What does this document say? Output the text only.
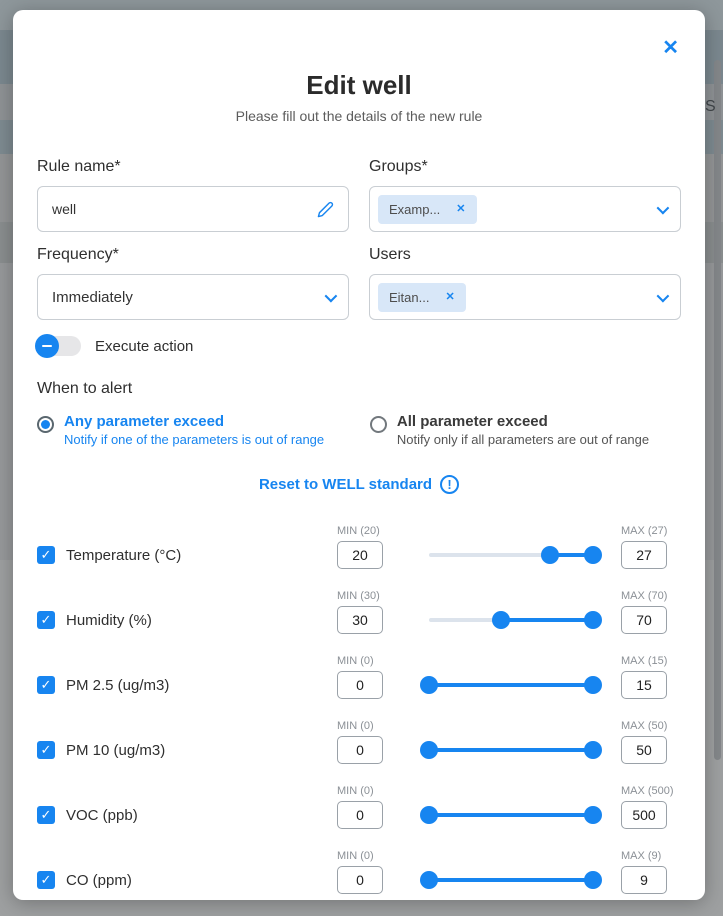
S
✕
Edit well
Please fill out the details of the new rule
Rule name*
well
Groups*
Examp... ✕
Frequency*
Immediately
Users
Eitan... ✕
Execute action
When to alert
Any parameter exceed
Notify if one of the parameters is out of range
All parameter exceed
Notify only if all parameters are out of range
Reset to WELL standard	!
✓ Temperature (°C)
MIN (20)
20
MAX (27)
27
✓ Humidity (%)
MIN (30)
30
MAX (70)
70
✓ PM 2.5 (ug/m3)
MIN (0)
0
MAX (15)
15
✓ PM 10 (ug/m3)
MIN (0)
0
MAX (50)
50
✓ VOC (ppb)
MIN (0)
0
MAX (500)
500
✓ CO (ppm)
MIN (0)
0
MAX (9)
9
